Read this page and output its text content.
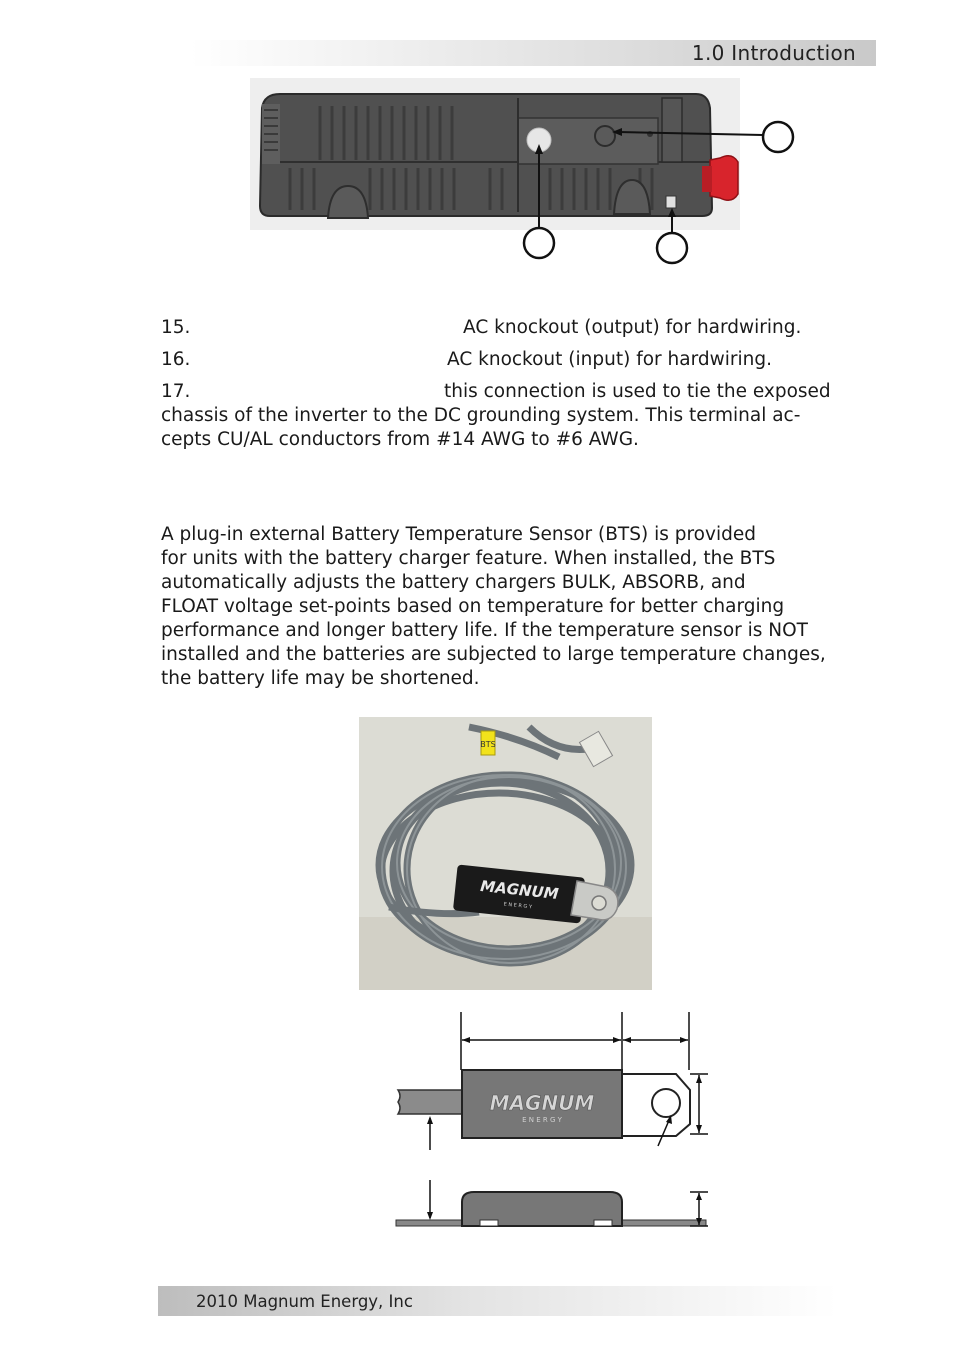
1.0 Introduction
15.	AC knockout (output) for hardwiring.
16.	AC knockout (input) for hardwiring.
17.	this connection is used to tie the exposed
chassis of the inverter to the DC grounding system. This terminal ac-
cepts CU/AL conductors from #14 AWG to #6 AWG.
A plug-in external Battery Temperature Sensor (BTS) is provided
for units with the battery charger feature. When installed, the BTS
automatically adjusts the battery chargers BULK, ABSORB, and
FLOAT voltage set-points based on temperature for better charging
performance and longer battery life. If the temperature sensor is NOT
installed and the batteries are subjected to large temperature changes,
the battery life may be shortened.
BTS
MAGNUM
E N E R G Y
MAGNUM
E N E R G Y
2010 Magnum Energy, Inc
